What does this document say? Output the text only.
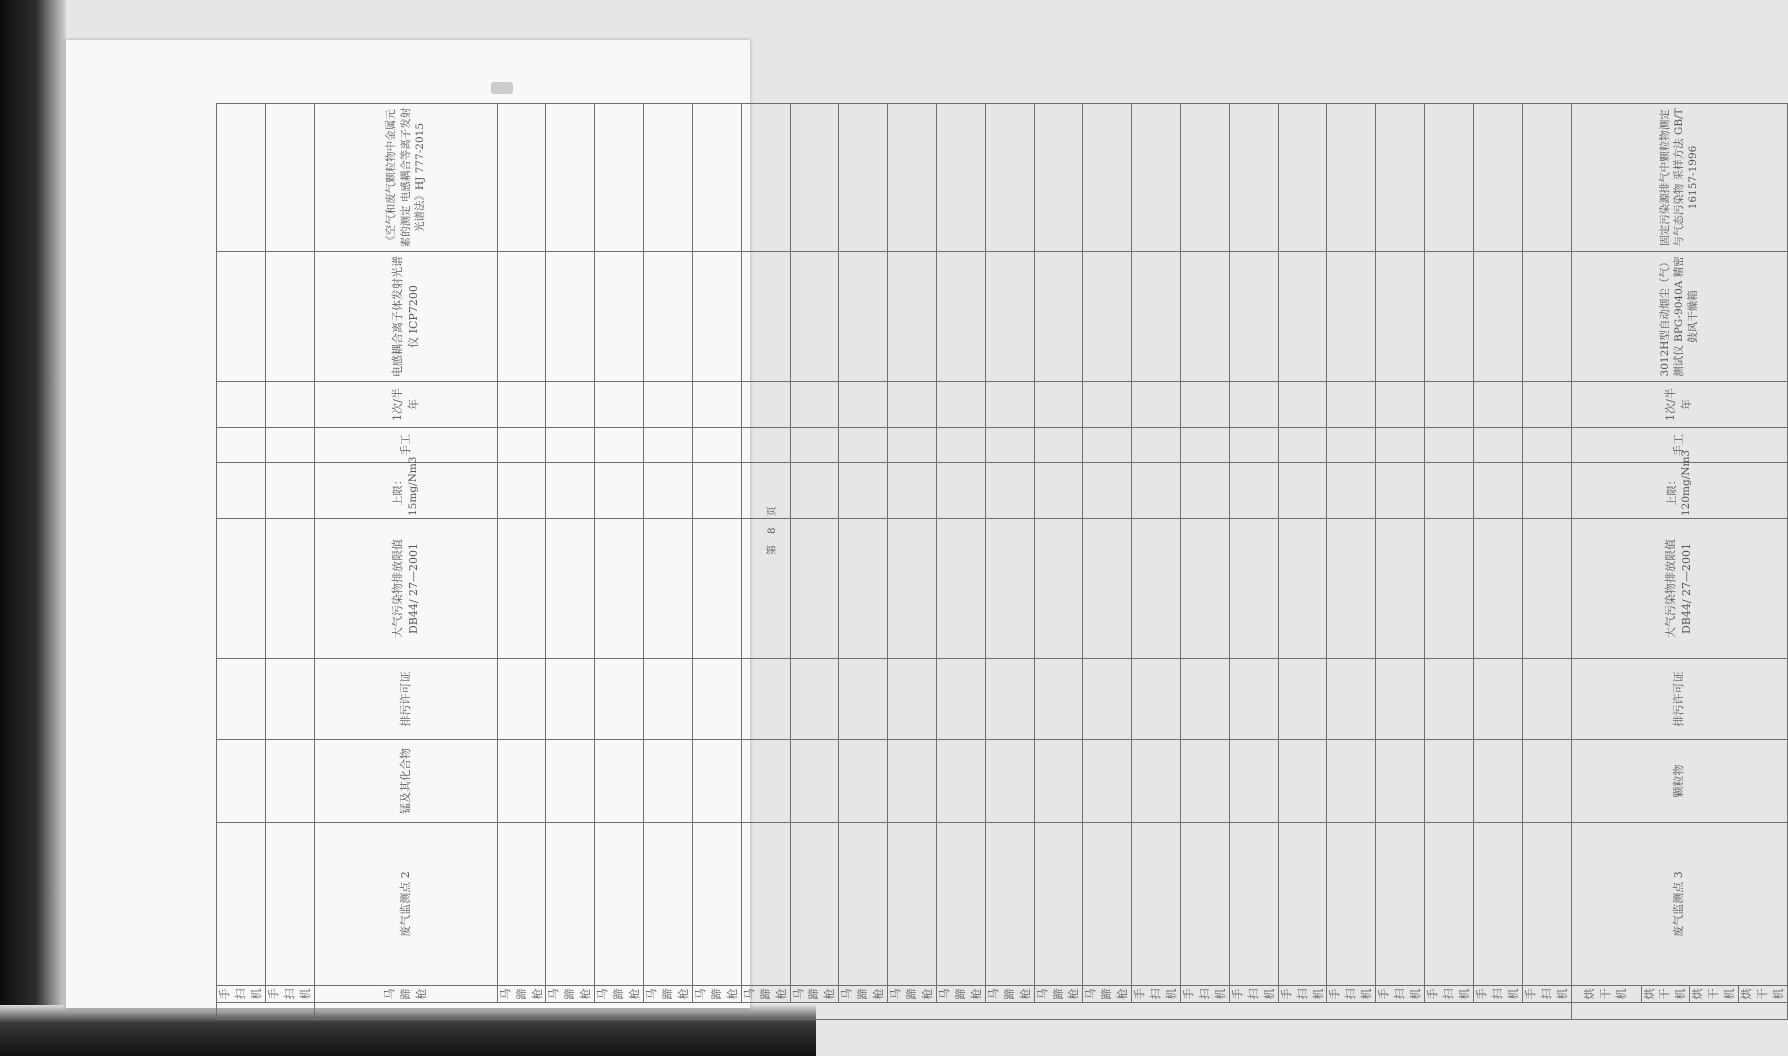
	手扫机									
	手扫机									
	马蹄枪	废气监测点 2	锰及其化合物	排污许可证	大气污染物排放限值 DB44/ 27—2001	上限：15mg/Nm3	手工	1次/半年	电感耦合离子体发射光谱仪 ICP7200	《空气和废气颗粒物中金属元素的测定 电感耦合等离子发射光谱法》HJ 777-2015
	马蹄枪									
	马蹄枪									
	马蹄枪									
	马蹄枪									
	马蹄枪									
	马蹄枪									
	马蹄枪									
	马蹄枪									
	马蹄枪									
	马蹄枪									
	马蹄枪									
	马蹄枪									
	马蹄枪									
	手扫机									
	手扫机									
	手扫机									
	手扫机									
	手扫机									
	手扫机									
	手扫机									
	手扫机									
	手扫机									
	烘干机	废气监测点 3	颗粒物	排污许可证	大气污染物排放限值 DB44/ 27—2001	上限：120mg/Nm3	手工	1次/半年	3012H型自动烟尘（气）测试仪 BPG-9040A 精密鼓风干燥箱	固定污染源排气中颗粒物测定与气态污染物 采样方法 GB/T 16157-1996
	烘干机									
	烘干机									
	烘干机									
第 8 页
